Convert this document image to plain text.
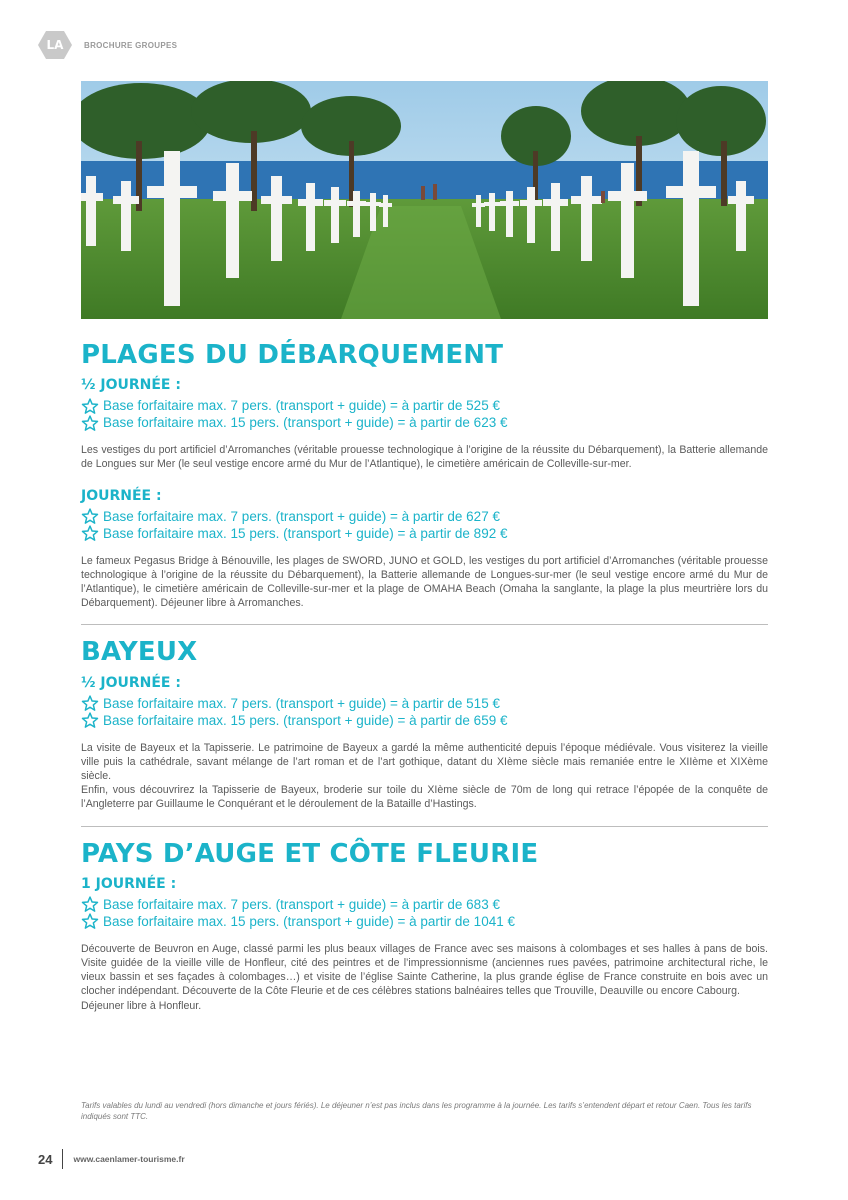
LA	BROCHURE GROUPES
PLAGES DU DÉBARQUEMENT
½ JOURNÉE :
Base forfaitaire max. 7 pers. (transport + guide) = à partir de 525 €
Base forfaitaire max. 15 pers. (transport + guide) = à partir de 623 €

Les vestiges du port artificiel d’Arromanches (véritable prouesse technologique à l’origine de la réussite du Débarquement), la Batterie allemande de Longues sur Mer (le seul vestige encore armé du Mur de l’Atlantique), le cimetière américain de Colleville-sur-mer.

JOURNÉE :
Base forfaitaire max. 7 pers. (transport + guide) = à partir de 627 €
Base forfaitaire max. 15 pers. (transport + guide) = à partir de 892 €

Le fameux Pegasus Bridge à Bénouville, les plages de SWORD, JUNO et GOLD, les vestiges du port artificiel d’Arromanches (véritable prouesse technologique à l’origine de la réussite du Débarquement), la Batterie allemande de Longues-sur-mer (le seul vestige encore armé du Mur de l’Atlantique), le cimetière américain de Colleville-sur-mer et la plage de OMAHA Beach (Omaha la sanglante, la plage la plus meurtrière lors du Débarquement). Déjeuner libre à Arromanches.

BAYEUX
½ JOURNÉE :
Base forfaitaire max. 7 pers. (transport + guide) = à partir de 515 €
Base forfaitaire max. 15 pers. (transport + guide) = à partir de 659 €

La visite de Bayeux et la Tapisserie. Le patrimoine de Bayeux a gardé la même authenticité depuis l’époque médiévale. Vous visiterez la vieille ville puis la cathédrale, savant mélange de l’art roman et de l’art gothique, datant du XIème siècle mais remaniée entre le XIIème et XIXème siècle.

Enfin, vous découvrirez la Tapisserie de Bayeux, broderie sur toile du XIème siècle de 70m de long qui retrace l’épopée de la conquête de l’Angleterre par Guillaume le Conquérant et le déroulement de la Bataille d’Hastings.

PAYS D’AUGE ET CÔTE FLEURIE
1 JOURNÉE :
Base forfaitaire max. 7 pers. (transport + guide) = à partir de 683 €
Base forfaitaire max. 15 pers. (transport + guide) = à partir de 1041 €

Découverte de Beuvron en Auge, classé parmi les plus beaux villages de France avec ses maisons à colombages et ses halles à pans de bois. Visite guidée de la vieille ville de Honfleur, cité des peintres et de l’impressionnisme (anciennes rues pavées, patrimoine architectural riche, le vieux bassin et ses façades à colombages…) et visite de l’église Sainte Catherine, la plus grande église de France construite en bois avec un clocher indépendant. Découverte de la Côte Fleurie et de ces célèbres stations balnéaires telles que Trouville, Deauville ou encore Cabourg.

Déjeuner libre à Honfleur.

Tarifs valables du lundi au vendredi (hors dimanche et jours fériés). Le déjeuner n’est pas inclus dans les programme à la journée. Les tarifs s’entendent départ et retour Caen. Tous les tarifs indiqués sont TTC.
24 www.caenlamer-tourisme.fr
